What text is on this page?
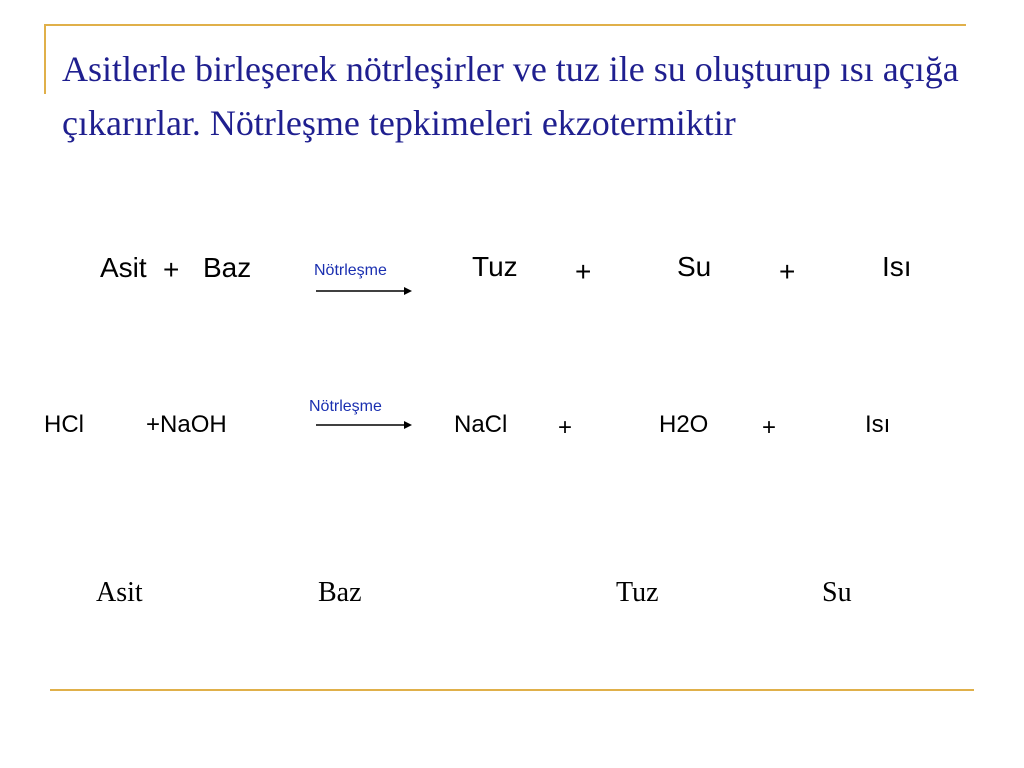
Asitlerle birleşerek nötrleşirler ve tuz ile su oluşturup ısı açığa çıkarırlar. Nötrleşme tepkimeleri ekzotermiktir
Asit + Baz	Nötrleşme	Tuz +	Su +	Isı
HCl	+NaOH
Nötrleşme
NaCl +	H2O +	Isı
Asit	Baz	Tuz	Su
